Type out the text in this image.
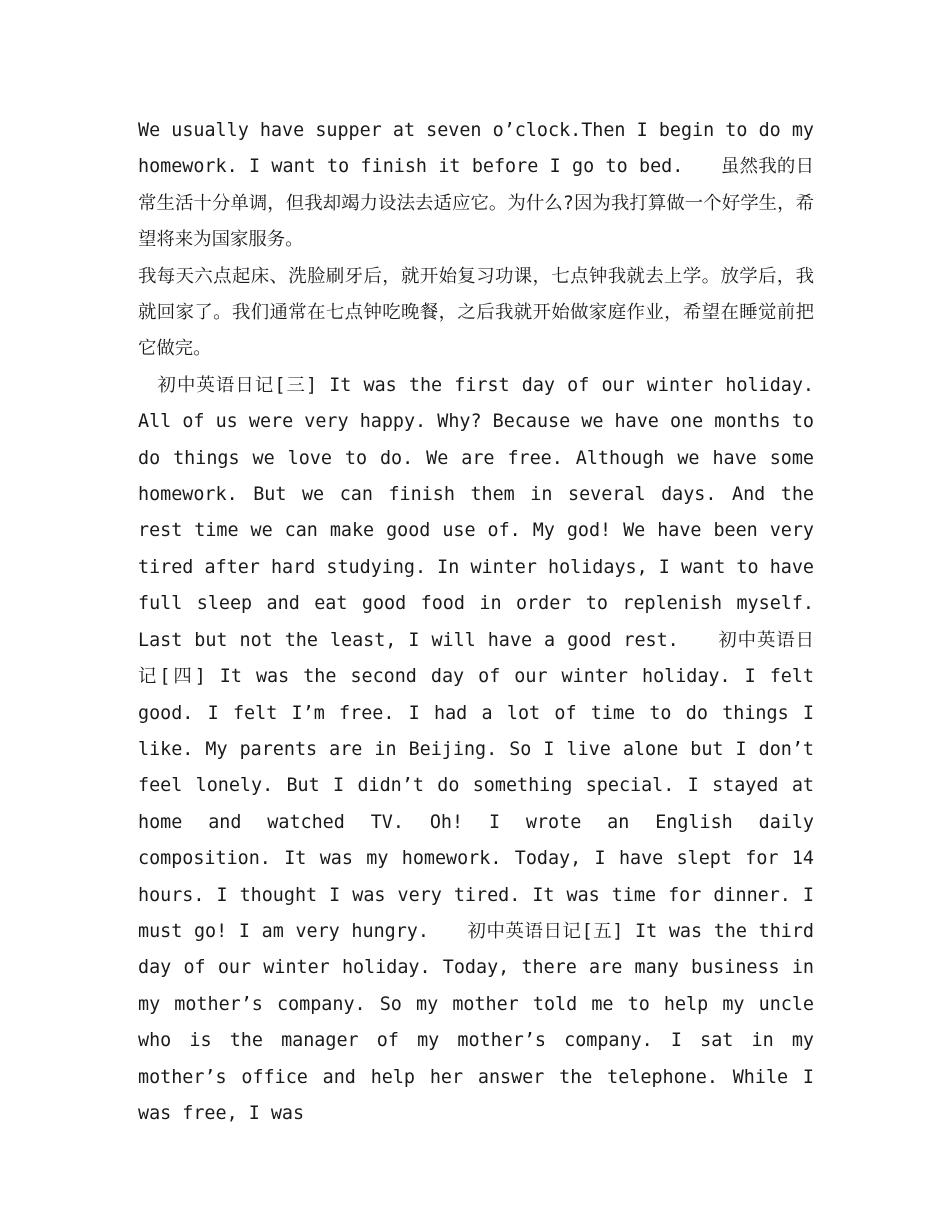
We usually have supper at seven o’clock.Then I begin to do my homework. I want to finish it before I go to bed.　　虽然我的日常生活十分单调，但我却竭力设法去适应它。为什么?因为我打算做一个好学生，希望将来为国家服务。

我每天六点起床、洗脸刷牙后，就开始复习功课，七点钟我就去上学。放学后，我就回家了。我们通常在七点钟吃晚餐，之后我就开始做家庭作业，希望在睡觉前把它做完。

　初中英语日记[三] It was the first day of our winter holiday. All of us were very happy. Why? Because we have one months to do things we love to do. We are free. Although we have some homework. But we can finish them in several days. And the rest time we can make good use of. My god! We have been very tired after hard studying. In winter holidays, I want to have full sleep and eat good food in order to replenish myself. Last but not the least, I will have a good rest.　　初中英语日记[四] It was the second day of our winter holiday. I felt good. I felt I’m free. I had a lot of time to do things I like. My parents are in Beijing. So I live alone but I don’t feel lonely. But I didn’t do something special. I stayed at home and watched TV. Oh! I wrote an English daily composition. It was my homework. Today, I have slept for 14 hours. I thought I was very tired. It was time for dinner. I must go! I am very hungry.　　初中英语日记[五] It was the third day of our winter holiday. Today, there are many business in my mother’s company. So my mother told me to help my uncle who is the manager of my mother’s company. I sat in my mother’s office and help her answer the telephone. While I was free, I was
